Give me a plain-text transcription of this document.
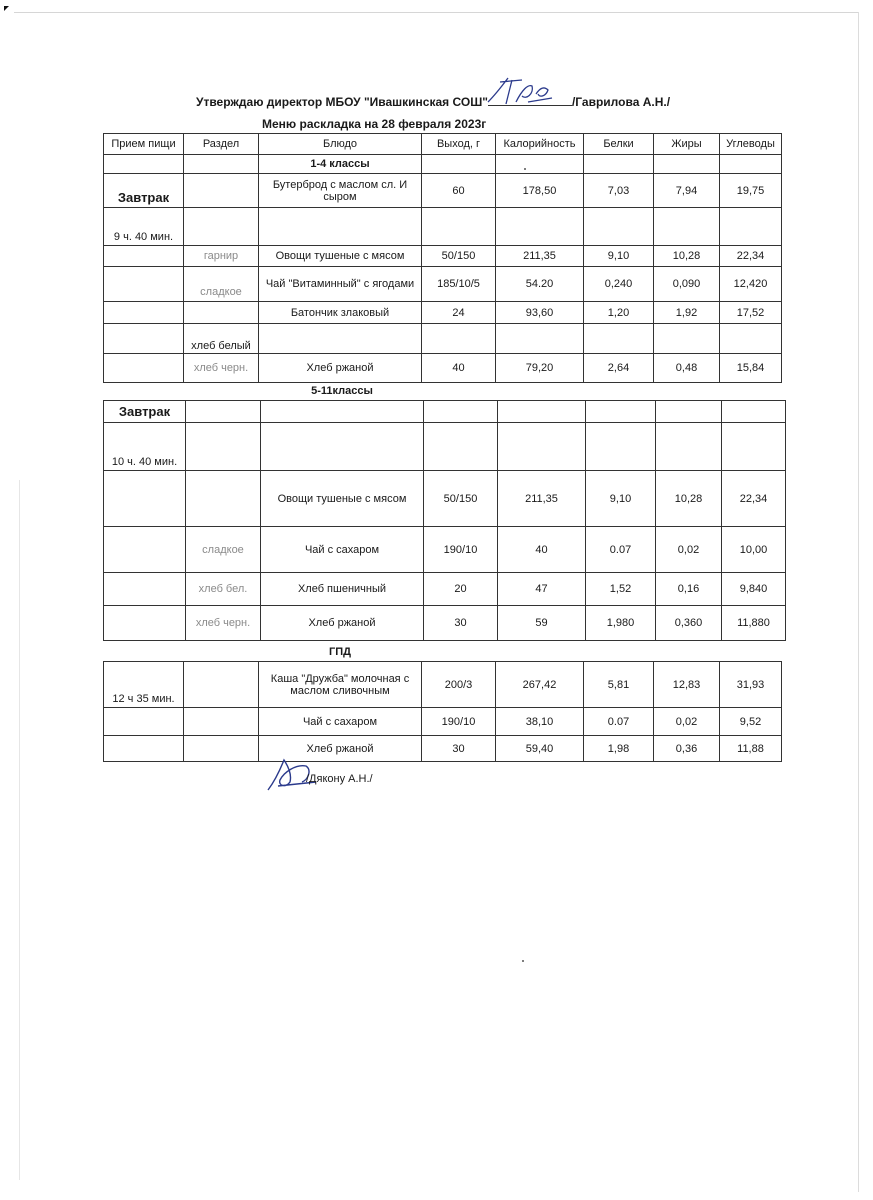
Утверждаю директор МБОУ "Ивашкинская СОШ"	/Гаврилова А.Н./
Меню раскладка на 28 февраля 2023г
Прием пищи	Раздел	Блюдо	Выход, г	Калорийность	Белки	Жиры	Углеводы
		1-4 классы					
Завтрак		Бутерброд с маслом сл. И сыром	60	178,50	7,03	7,94	19,75
9 ч. 40 мин.							
	гарнир	Овощи тушеные с мясом	50/150	211,35	9,10	10,28	22,34
	сладкое	Чай "Витаминный" с ягодами	185/10/5	54.20	0,240	0,090	12,420
		Батончик злаковый	24	93,60	1,20	1,92	17,52
	хлеб белый						
	хлеб черн.	Хлеб ржаной	40	79,20	2,64	0,48	15,84
		5-11классы					
Завтрак							
10 ч. 40 мин.							
		Овощи тушеные с мясом	50/150	211,35	9,10	10,28	22,34
	сладкое	Чай с сахаром	190/10	40	0.07	0,02	10,00
	хлеб бел.	Хлеб пшеничный	20	47	1,52	0,16	9,840
	хлеб черн.	Хлеб ржаной	30	59	1,980	0,360	11,880
		ГПД					
12 ч 35 мин.		Каша "Дружба" молочная с маслом сливочным	200/3	267,42	5,81	12,83	31,93
		Чай с сахаром	190/10	38,10	0.07	0,02	9,52
		Хлеб ржаной	30	59,40	1,98	0,36	11,88
/Дякону А.Н./
